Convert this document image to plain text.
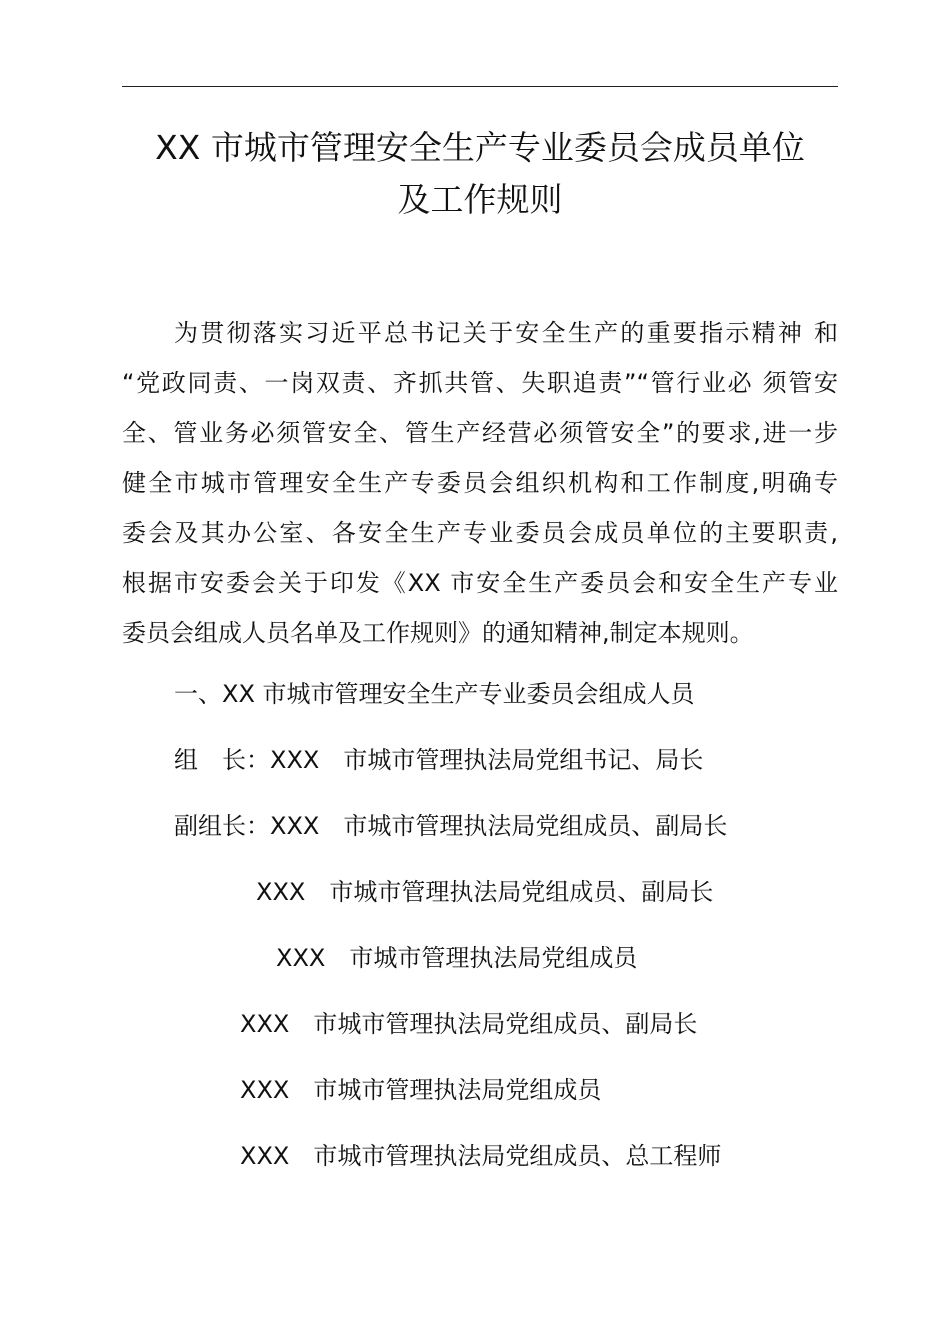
XX 市城市管理安全生产专业委员会成员单位
及工作规则

为贯彻落实习近平总书记关于安全生产的重要指示精神 和
“党政同责、一岗双责、齐抓共管、失职追责”“管行业必 须管安
全、管业务必须管安全、管生产经营必须管安全”的要求,进一步
健全市城市管理安全生产专委员会组织机构和工作制度,明确专
委会及其办公室、各安全生产专业委员会成员单位的主要职责,
根据市安委会关于印发《XX 市安全生产委员会和安全生产专业
委员会组成人员名单及工作规则》的通知精神,制定本规则。

一、XX 市城市管理安全生产专业委员会组成人员

组　长：XXX 市城市管理执法局党组书记、局长

副组长：XXX 市城市管理执法局党组成员、副局长

XXX 市城市管理执法局党组成员、副局长

XXX 市城市管理执法局党组成员

XXX 市城市管理执法局党组成员、副局长

XXX 市城市管理执法局党组成员

XXX 市城市管理执法局党组成员、总工程师
